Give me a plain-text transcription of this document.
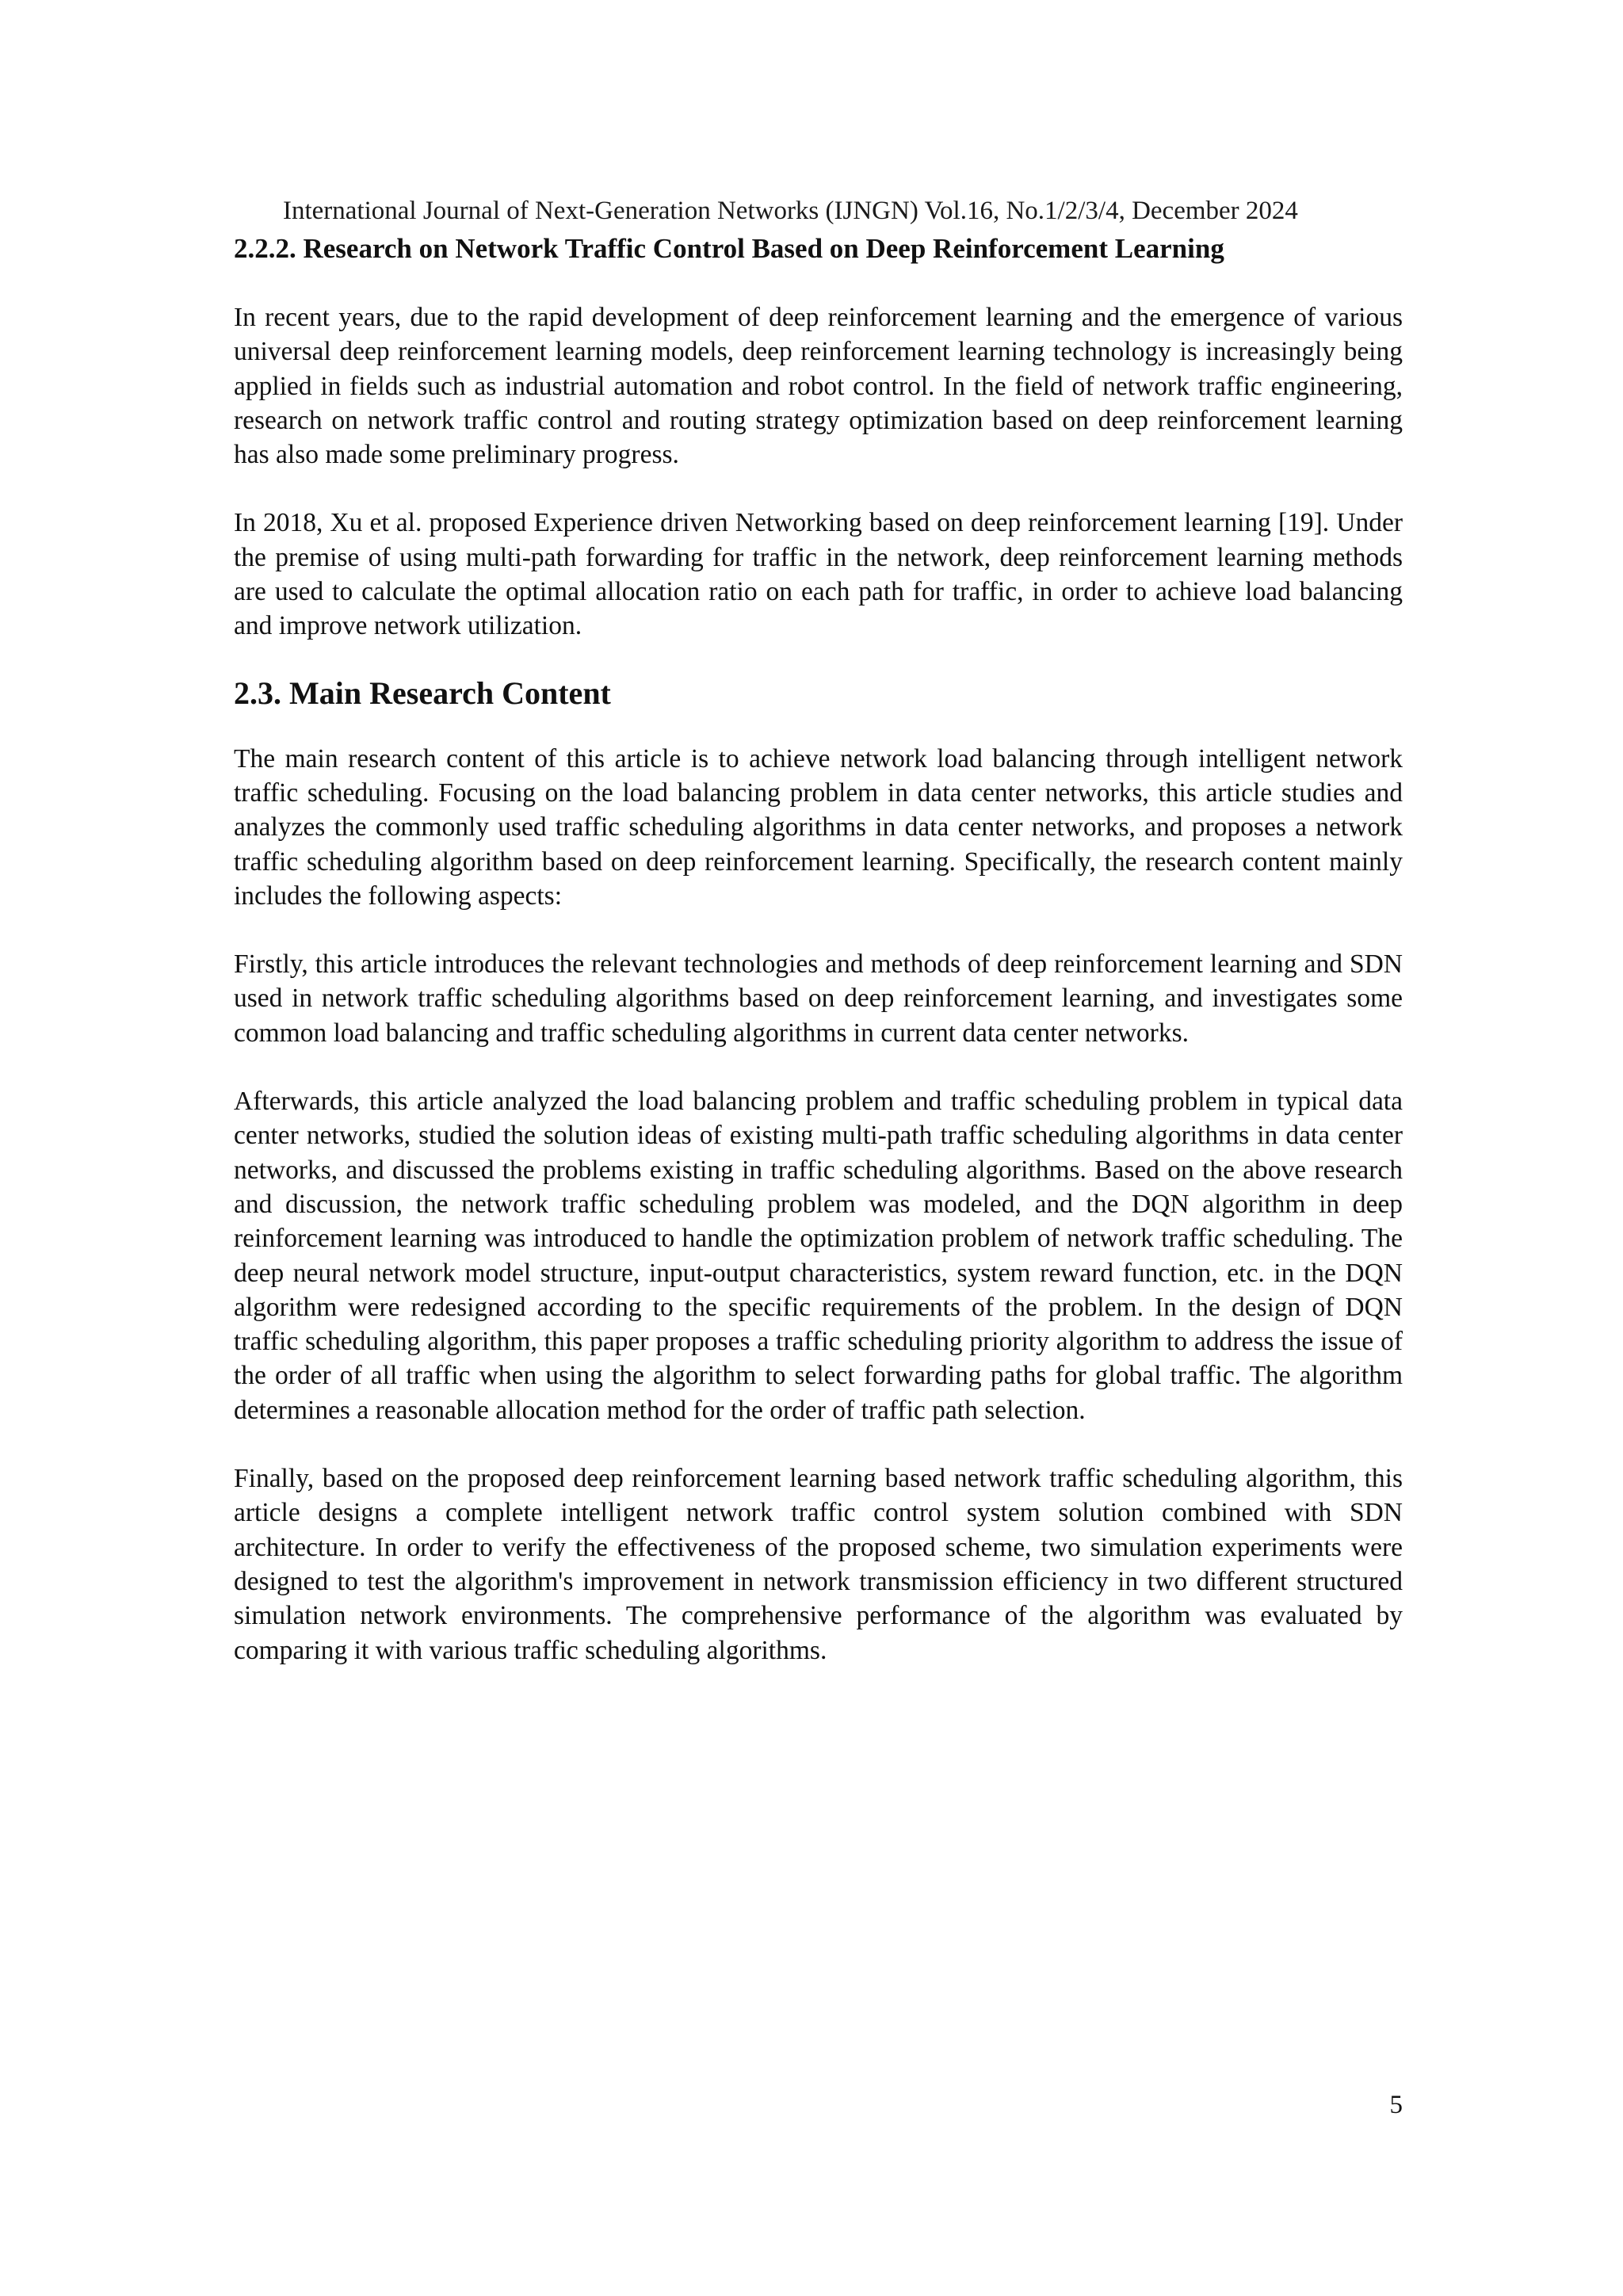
International Journal of Next-Generation Networks (IJNGN) Vol.16, No.1/2/3/4, December 2024
2.2.2. Research on Network Traffic Control Based on Deep Reinforcement Learning

In recent years, due to the rapid development of deep reinforcement learning and the emergence of various universal deep reinforcement learning models, deep reinforcement learning technology is increasingly being applied in fields such as industrial automation and robot control. In the field of network traffic engineering, research on network traffic control and routing strategy optimization based on deep reinforcement learning has also made some preliminary progress.

In 2018, Xu et al. proposed Experience driven Networking based on deep reinforcement learning [19]. Under the premise of using multi-path forwarding for traffic in the network, deep reinforcement learning methods are used to calculate the optimal allocation ratio on each path for traffic, in order to achieve load balancing and improve network utilization.

2.3. Main Research Content

The main research content of this article is to achieve network load balancing through intelligent network traffic scheduling. Focusing on the load balancing problem in data center networks, this article studies and analyzes the commonly used traffic scheduling algorithms in data center networks, and proposes a network traffic scheduling algorithm based on deep reinforcement learning. Specifically, the research content mainly includes the following aspects:

Firstly, this article introduces the relevant technologies and methods of deep reinforcement learning and SDN used in network traffic scheduling algorithms based on deep reinforcement learning, and investigates some common load balancing and traffic scheduling algorithms in current data center networks.

Afterwards, this article analyzed the load balancing problem and traffic scheduling problem in typical data center networks, studied the solution ideas of existing multi-path traffic scheduling algorithms in data center networks, and discussed the problems existing in traffic scheduling algorithms. Based on the above research and discussion, the network traffic scheduling problem was modeled, and the DQN algorithm in deep reinforcement learning was introduced to handle the optimization problem of network traffic scheduling. The deep neural network model structure, input-output characteristics, system reward function, etc. in the DQN algorithm were redesigned according to the specific requirements of the problem. In the design of DQN traffic scheduling algorithm, this paper proposes a traffic scheduling priority algorithm to address the issue of the order of all traffic when using the algorithm to select forwarding paths for global traffic. The algorithm determines a reasonable allocation method for the order of traffic path selection.

Finally, based on the proposed deep reinforcement learning based network traffic scheduling algorithm, this article designs a complete intelligent network traffic control system solution combined with SDN architecture. In order to verify the effectiveness of the proposed scheme, two simulation experiments were designed to test the algorithm's improvement in network transmission efficiency in two different structured simulation network environments. The comprehensive performance of the algorithm was evaluated by comparing it with various traffic scheduling algorithms.

5
